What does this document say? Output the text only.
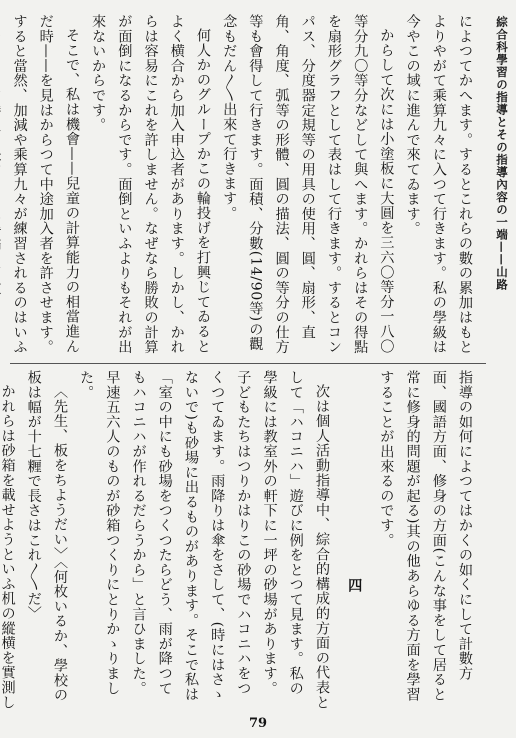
綜合科學習の指導とその指導內容の一端——山路

によつてかへます。するとこれらの數の累加はもとよりやがて乘算九々に入つて行きます。私の學級は今やこの域に進んで來てゐます。

からして次には小塗板に大圓を三六〇等分一八〇等分九〇等分などして與へます。かれらはその得點を扇形グラフとして表はして行きます。するとコンパス、分度器定規等の用具の使用、圓、扇形、直角、角度、弧等の形體、圓の描法、圓の等分の仕方等も會得して行きます。面積、分數(14/90等)の觀念もだん〳〵出來て行きます。

何人かのグループかこの輪投げを打興じてゐるとよく横合から加入申込者があります。しかし、かれらは容易にこれを許しません。なぜなら勝敗の計算が面倒になるからです。面倒といふよりもそれが出來ないからです。

そこで、私は機會——兒童の計算能力の相當進んだ時——を見はからつて中途加入者を許させます。すると當然、加減や乘算九々が練習されるのはいふ

指導の如何によつてはかくの如くにして計數方面、國語方面、修身の方面(こんな事をして居ると常に修身的問題が起る)其の他あらゆる方面を學習することが出來るのです。

四

次は個人活動指導中、綜合的構成的方面の代表として「ハコニハ」遊びに例をとつて見ます。私の學級には教室外の軒下に一坪の砂場があります。子どもたちはつりかはりこの砂場でハコニハをつくつてゐます。雨降りは傘をさして、(時にはさゝないで)も砂場に出るものがあります。そこで私は「室の中にも砂場をつくつたらどう、雨が降つてもハコニハが作れるだらうから」と言ひました。早速五六人のものが砂箱つくりにとりかゝりました。

〈先生、板をちようだい〉〈何枚いるか、學校の板は幅が十七糎で長さはこれ〳〵だ〉

かれらは砂箱を載せようといふ机の縱横を實測し

79
